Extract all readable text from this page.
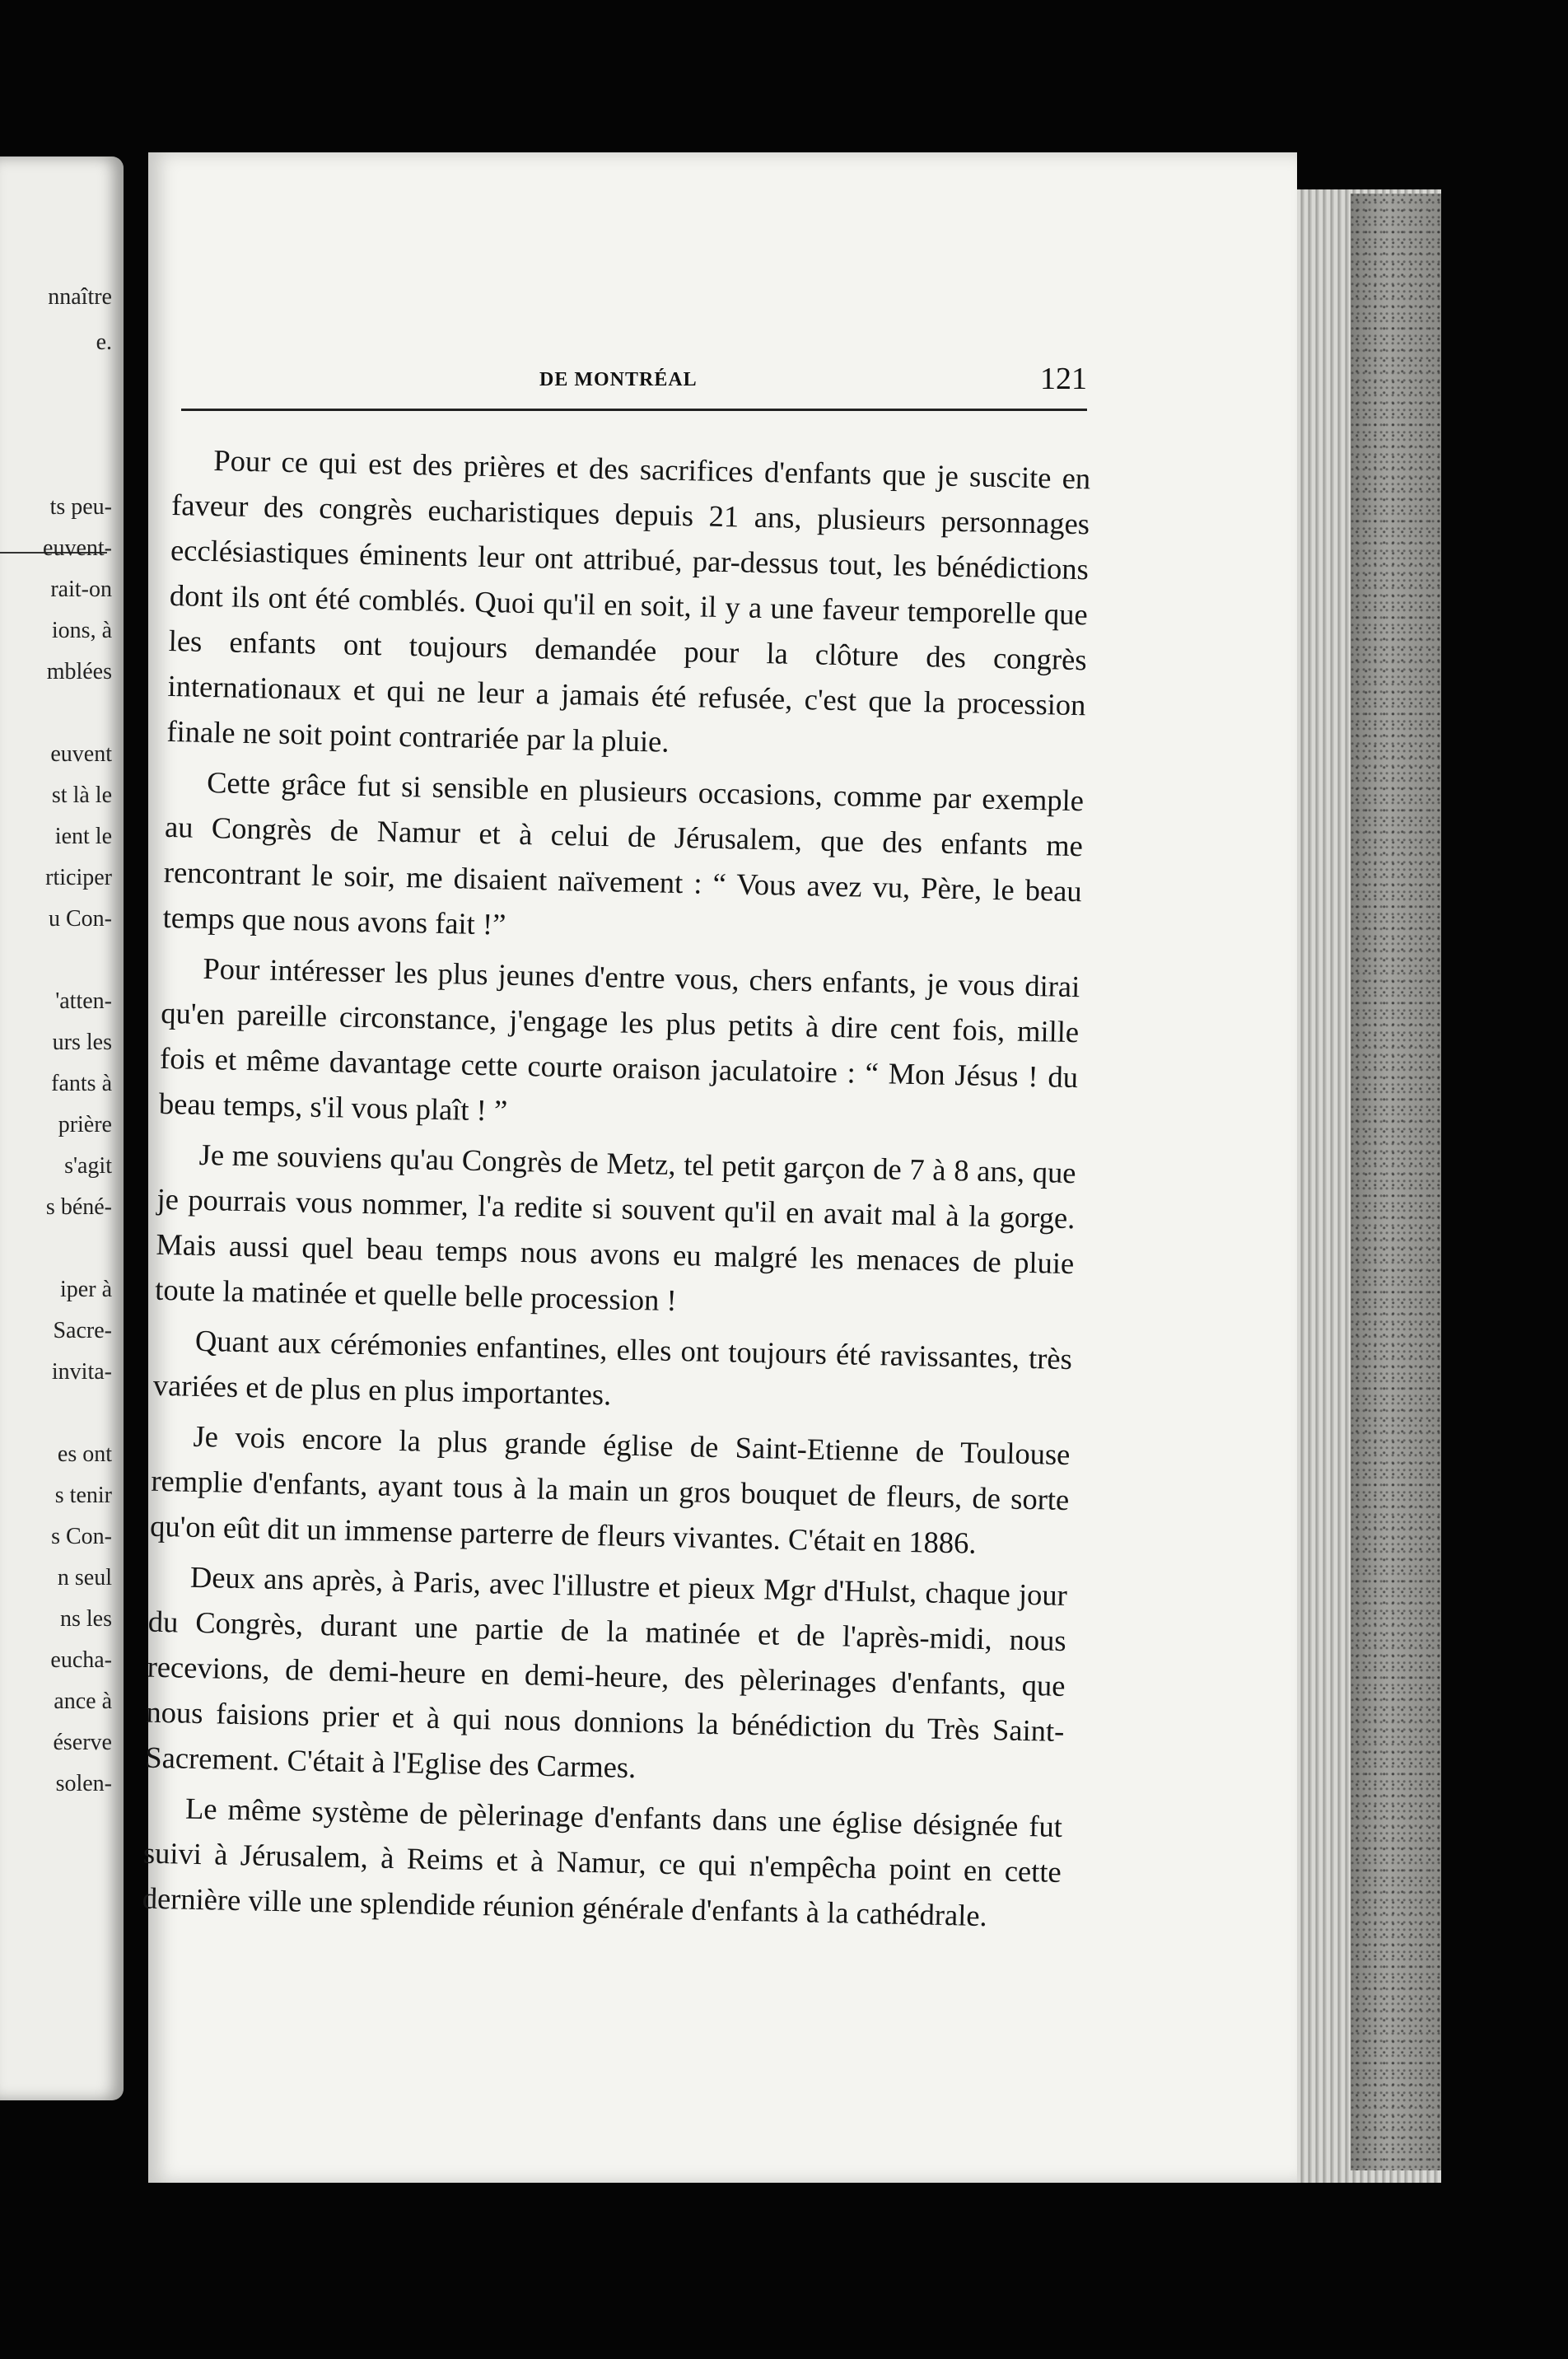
nnaître
e.
ts peu-
euvent-
rait-on
ions, à
mblées
euvent
st là le
ient le
rticiper
u Con-
'atten-
urs les
fants à
prière
s'agit
s béné-
iper à
Sacre-
invita-
es ont
s tenir
s Con-
n seul
ns les
eucha-
ance à
éserve
solen-
DE MONTRÉAL	121

Pour ce qui est des prières et des sacrifices d'enfants que je suscite en faveur des congrès eucharistiques depuis 21 ans, plusieurs personnages ecclésiastiques éminents leur ont attribué, par-dessus tout, les bénédictions dont ils ont été comblés. Quoi qu'il en soit, il y a une faveur temporelle que les enfants ont toujours demandée pour la clôture des congrès internationaux et qui ne leur a jamais été refusée, c'est que la procession finale ne soit point contrariée par la pluie.

Cette grâce fut si sensible en plusieurs occasions, comme par exemple au Congrès de Namur et à celui de Jérusalem, que des enfants me rencontrant le soir, me disaient naïvement : “ Vous avez vu, Père, le beau temps que nous avons fait !”

Pour intéresser les plus jeunes d'entre vous, chers enfants, je vous dirai qu'en pareille circonstance, j'engage les plus petits à dire cent fois, mille fois et même davantage cette courte oraison jaculatoire : “ Mon Jésus ! du beau temps, s'il vous plaît ! ”

Je me souviens qu'au Congrès de Metz, tel petit garçon de 7 à 8 ans, que je pourrais vous nommer, l'a redite si souvent qu'il en avait mal à la gorge. Mais aussi quel beau temps nous avons eu malgré les menaces de pluie toute la matinée et quelle belle procession !

Quant aux cérémonies enfantines, elles ont toujours été ravissantes, très variées et de plus en plus importantes.

Je vois encore la plus grande église de Saint-Etienne de Toulouse remplie d'enfants, ayant tous à la main un gros bouquet de fleurs, de sorte qu'on eût dit un immense parterre de fleurs vivantes. C'était en 1886.

Deux ans après, à Paris, avec l'illustre et pieux Mgr d'Hulst, chaque jour du Congrès, durant une partie de la matinée et de l'après-midi, nous recevions, de demi-heure en demi-heure, des pèlerinages d'enfants, que nous faisions prier et à qui nous donnions la bénédiction du Très Saint-Sacrement. C'était à l'Eglise des Carmes.

Le même système de pèlerinage d'enfants dans une église désignée fut suivi à Jérusalem, à Reims et à Namur, ce qui n'empêcha point en cette dernière ville une splendide réunion générale d'enfants à la cathédrale.
